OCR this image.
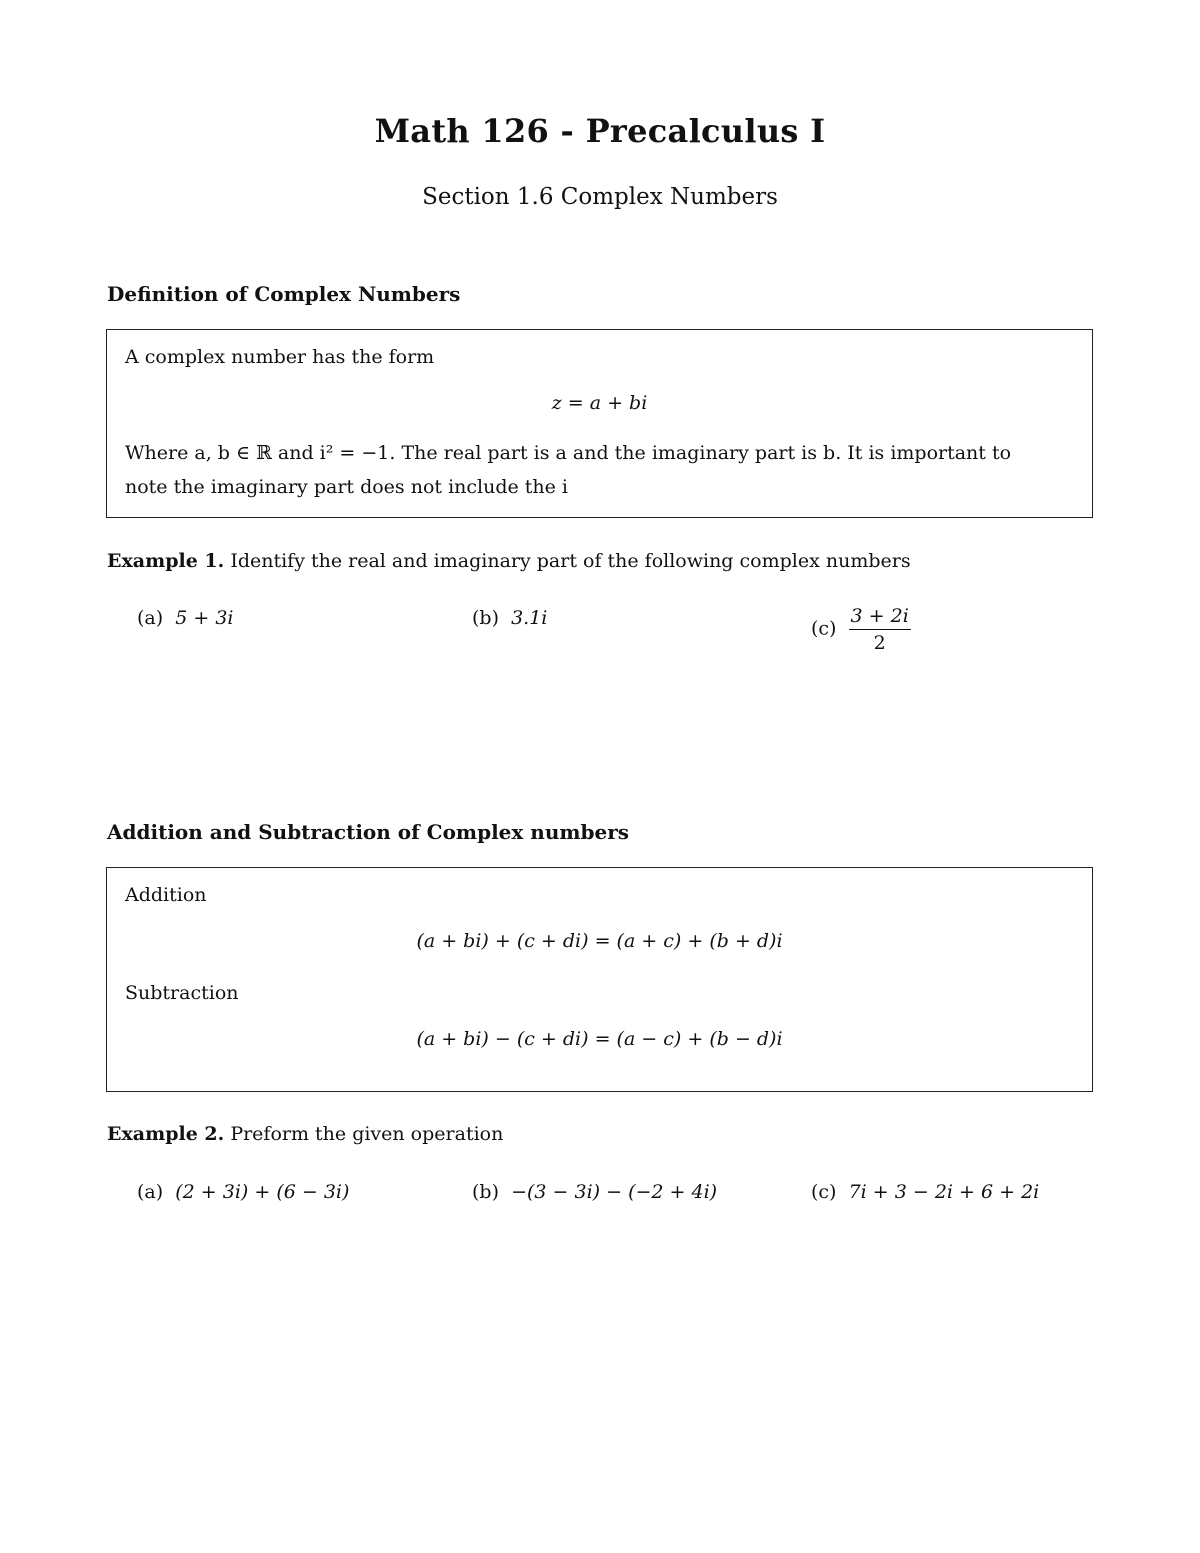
Math 126 - Precalculus I
Section 1.6 Complex Numbers
Definition of Complex Numbers
A complex number has the form
z = a + bi
Where a, b ∈ ℝ and i² = −1. The real part is a and the imaginary part is b. It is important to
note the imaginary part does not include the i
Example 1. Identify the real and imaginary part of the following complex numbers
(a) 5 + 3i	(b) 3.1i	$(c) \frac{3 + 2i}{2}$
Addition and Subtraction of Complex numbers
Addition
(a + bi) + (c + di) = (a + c) + (b + d)i
Subtraction
(a + bi) − (c + di) = (a − c) + (b − d)i
Example 2. Preform the given operation
(a) (2 + 3i) + (6 − 3i)	(b) −(3 − 3i) − (−2 + 4i)	(c) 7i + 3 − 2i + 6 + 2i
